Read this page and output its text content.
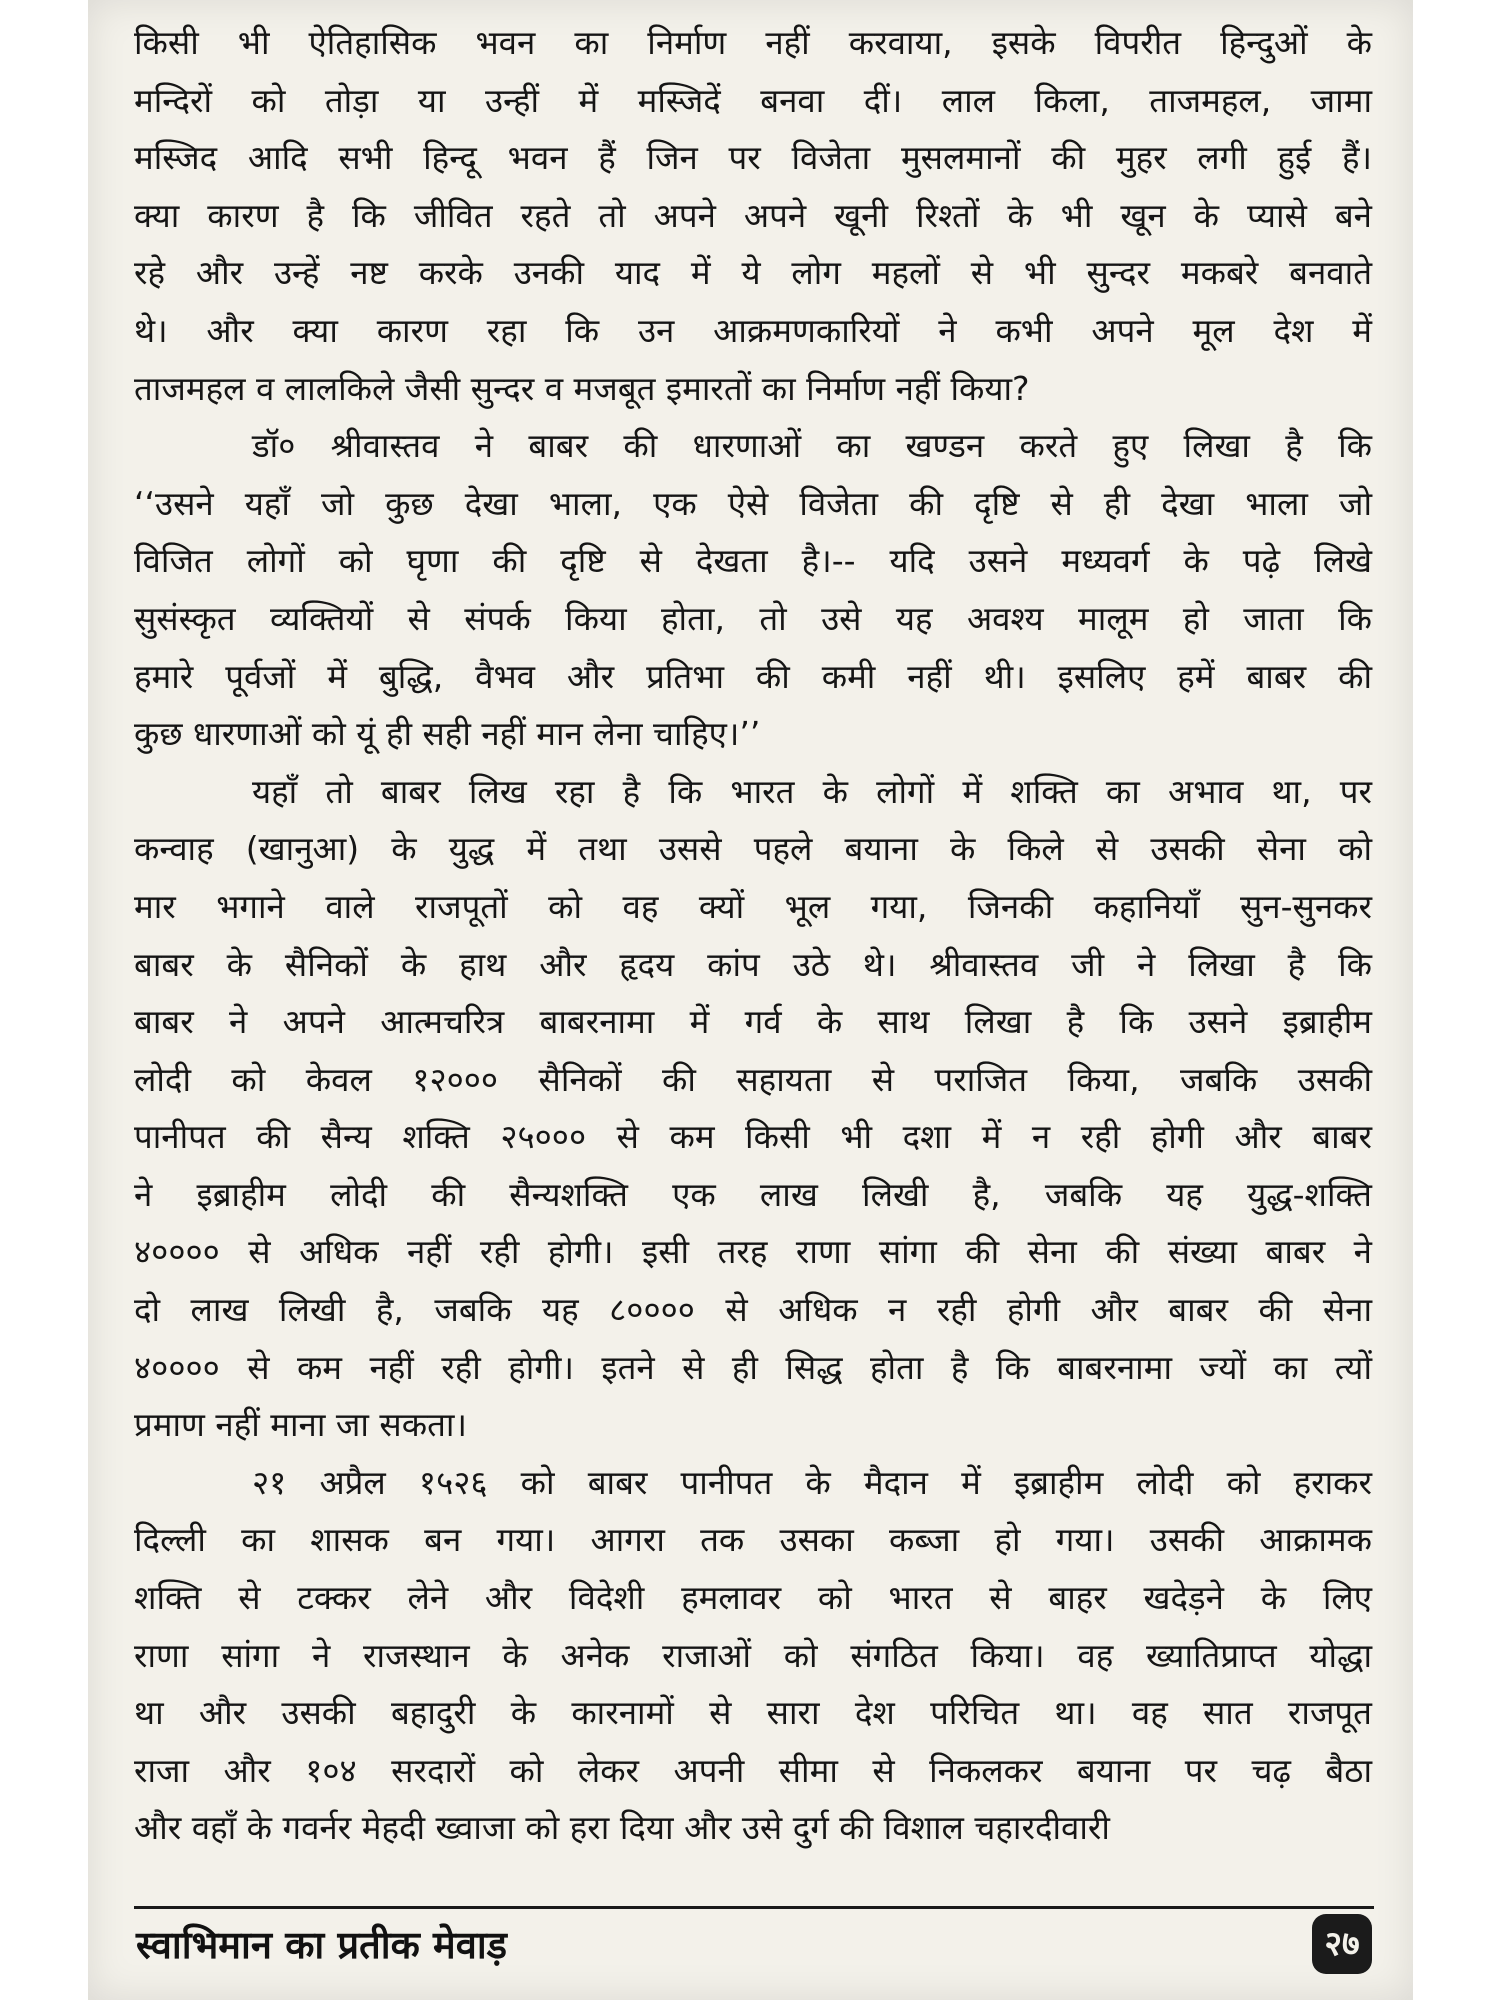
किसी भी ऐतिहासिक भवन का निर्माण नहीं करवाया, इसके विपरीत हिन्दुओं के
मन्दिरों को तोड़ा या उन्हीं में मस्जिदें बनवा दीं। लाल किला, ताजमहल, जामा
मस्जिद आदि सभी हिन्दू भवन हैं जिन पर विजेता मुसलमानों की मुहर लगी हुई हैं।
क्या कारण है कि जीवित रहते तो अपने अपने खूनी रिश्तों के भी खून के प्यासे बने
रहे और उन्हें नष्ट करके उनकी याद में ये लोग महलों से भी सुन्दर मकबरे बनवाते
थे। और क्या कारण रहा कि उन आक्रमणकारियों ने कभी अपने मूल देश में
ताजमहल व लालकिले जैसी सुन्दर व मजबूत इमारतों का निर्माण नहीं किया?
डॉ० श्रीवास्तव ने बाबर की धारणाओं का खण्डन करते हुए लिखा है कि
‘‘उसने यहाँ जो कुछ देखा भाला, एक ऐसे विजेता की दृष्टि से ही देखा भाला जो
विजित लोगों को घृणा की दृष्टि से देखता है।-- यदि उसने मध्यवर्ग के पढ़े लिखे
सुसंस्कृत व्यक्तियों से संपर्क किया होता, तो उसे यह अवश्य मालूम हो जाता कि
हमारे पूर्वजों में बुद्धि, वैभव और प्रतिभा की कमी नहीं थी। इसलिए हमें बाबर की
कुछ धारणाओं को यूं ही सही नहीं मान लेना चाहिए।’’
यहाँ तो बाबर लिख रहा है कि भारत के लोगों में शक्ति का अभाव था, पर
कन्वाह (खानुआ) के युद्ध में तथा उससे पहले बयाना के किले से उसकी सेना को
मार भगाने वाले राजपूतों को वह क्यों भूल गया, जिनकी कहानियाँ सुन-सुनकर
बाबर के सैनिकों के हाथ और हृदय कांप उठे थे। श्रीवास्तव जी ने लिखा है कि
बाबर ने अपने आत्मचरित्र बाबरनामा में गर्व के साथ लिखा है कि उसने इब्राहीम
लोदी को केवल १२००० सैनिकों की सहायता से पराजित किया, जबकि उसकी
पानीपत की सैन्य शक्ति २५००० से कम किसी भी दशा में न रही होगी और बाबर
ने इब्राहीम लोदी की सैन्यशक्ति एक लाख लिखी है, जबकि यह युद्ध-शक्ति
४०००० से अधिक नहीं रही होगी। इसी तरह राणा सांगा की सेना की संख्या बाबर ने
दो लाख लिखी है, जबकि यह ८०००० से अधिक न रही होगी और बाबर की सेना
४०००० से कम नहीं रही होगी। इतने से ही सिद्ध होता है कि बाबरनामा ज्यों का त्यों
प्रमाण नहीं माना जा सकता।
२१ अप्रैल १५२६ को बाबर पानीपत के मैदान में इब्राहीम लोदी को हराकर
दिल्ली का शासक बन गया। आगरा तक उसका कब्जा हो गया। उसकी आक्रामक
शक्ति से टक्कर लेने और विदेशी हमलावर को भारत से बाहर खदेड़ने के लिए
राणा सांगा ने राजस्थान के अनेक राजाओं को संगठित किया। वह ख्यातिप्राप्त योद्धा
था और उसकी बहादुरी के कारनामों से सारा देश परिचित था। वह सात राजपूत
राजा और १०४ सरदारों को लेकर अपनी सीमा से निकलकर बयाना पर चढ़ बैठा
और वहाँ के गवर्नर मेहदी ख्वाजा को हरा दिया और उसे दुर्ग की विशाल चहारदीवारी
स्वाभिमान का प्रतीक मेवाड़	२७
